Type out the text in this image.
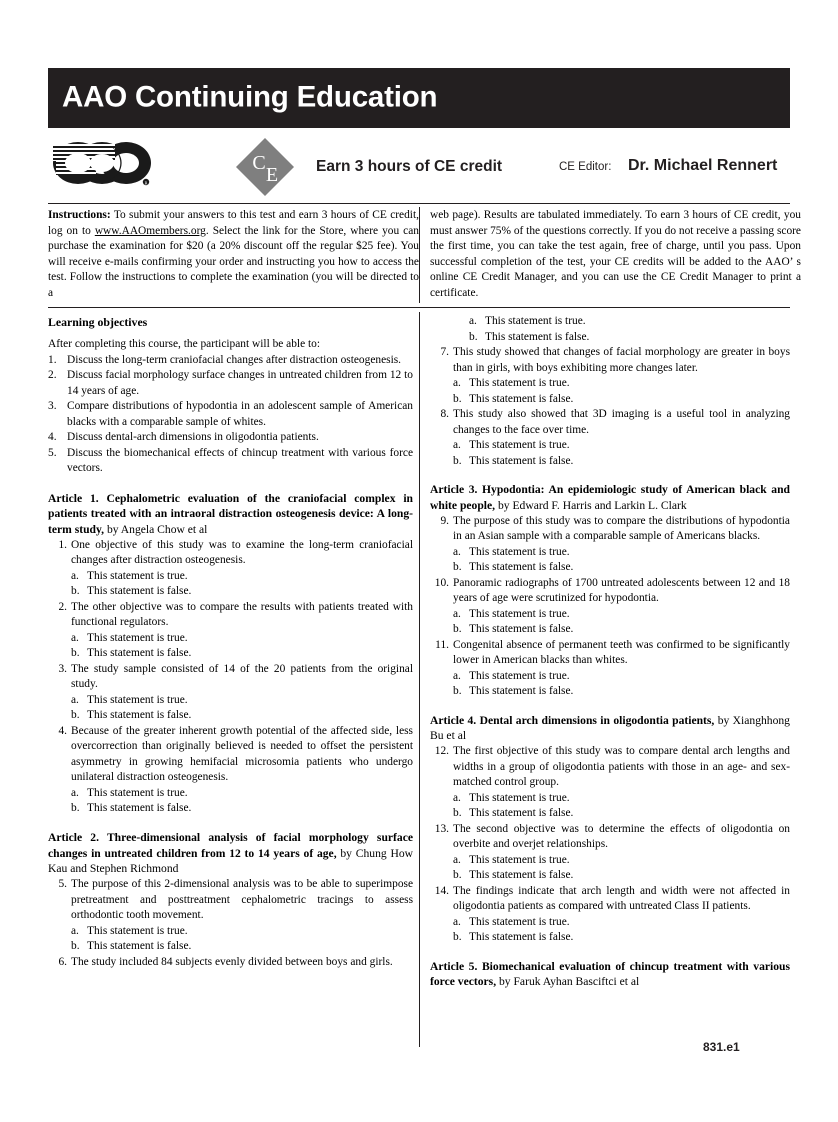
AAO Continuing Education
R
C
E Earn 3 hours of CE credit	CE Editor: Dr. Michael Rennert

Instructions: To submit your answers to this test and earn 3 hours of CE credit, log on to www.AAOmembers.org. Select the link for the Store, where you can purchase the examination for $20 (a 20% discount off the regular $25 fee). You will receive e-mails confirming your order and instructing you how to access the test. Follow the instructions to complete the examination (you will be directed to a

web page). Results are tabulated immediately. To earn 3 hours of CE credit, you must answer 75% of the questions correctly. If you do not receive a passing score the first time, you can take the test again, free of charge, until you pass. Upon successful completion of the test, your CE credits will be added to the AAO’ s online CE Credit Manager, and you can use the CE Credit Manager to print a certificate.

Learning objectives
After completing this course, the participant will be able to:
1. Discuss the long-term craniofacial changes after distraction osteogenesis.
2. Discuss facial morphology surface changes in untreated children from 12 to 14 years of age.
3. Compare distributions of hypodontia in an adolescent sample of American blacks with a comparable sample of whites.
4. Discuss dental-arch dimensions in oligodontia patients.
5. Discuss the biomechanical effects of chincup treatment with various force vectors.

Article 1. Cephalometric evaluation of the craniofacial complex in patients treated with an intraoral distraction osteogenesis device: A long-term study, by Angela Chow et al

1. One objective of this study was to examine the long-term craniofacial changes after distraction osteogenesis.
a. This statement is true.
b. This statement is false.
2. The other objective was to compare the results with patients treated with functional regulators.
a. This statement is true.
b. This statement is false.
3. The study sample consisted of 14 of the 20 patients from the original study.
a. This statement is true.
b. This statement is false.
4. Because of the greater inherent growth potential of the affected side, less overcorrection than originally believed is needed to offset the persistent asymmetry in growing hemifacial microsomia patients who undergo unilateral distraction osteogenesis.
a. This statement is true.
b. This statement is false.

Article 2. Three-dimensional analysis of facial morphology surface changes in untreated children from 12 to 14 years of age, by Chung How Kau and Stephen Richmond

5. The purpose of this 2-dimensional analysis was to be able to superimpose pretreatment and posttreatment cephalometric tracings to assess orthodontic tooth movement.
a. This statement is true.
b. This statement is false.
6. The study included 84 subjects evenly divided between boys and girls.
a. This statement is true.
b. This statement is false.
7. This study showed that changes of facial morphology are greater in boys than in girls, with boys exhibiting more changes later.
a. This statement is true.
b. This statement is false.
8. This study also showed that 3D imaging is a useful tool in analyzing changes to the face over time.
a. This statement is true.
b. This statement is false.

Article 3. Hypodontia: An epidemiologic study of American black and white people, by Edward F. Harris and Larkin L. Clark

9. The purpose of this study was to compare the distributions of hypodontia in an Asian sample with a comparable sample of Americans blacks.
a. This statement is true.
b. This statement is false.
10. Panoramic radiographs of 1700 untreated adolescents between 12 and 18 years of age were scrutinized for hypodontia.
a. This statement is true.
b. This statement is false.
11. Congenital absence of permanent teeth was confirmed to be significantly lower in American blacks than whites.
a. This statement is true.
b. This statement is false.

Article 4. Dental arch dimensions in oligodontia patients, by Xianghhong Bu et al

12. The first objective of this study was to compare dental arch lengths and widths in a group of oligodontia patients with those in an age- and sex-matched control group.
a. This statement is true.
b. This statement is false.
13. The second objective was to determine the effects of oligodontia on overbite and overjet relationships.
a. This statement is true.
b. This statement is false.
14. The findings indicate that arch length and width were not affected in oligodontia patients as compared with untreated Class II patients.
a. This statement is true.
b. This statement is false.

Article 5. Biomechanical evaluation of chincup treatment with various force vectors, by Faruk Ayhan Basciftci et al

831.e1
